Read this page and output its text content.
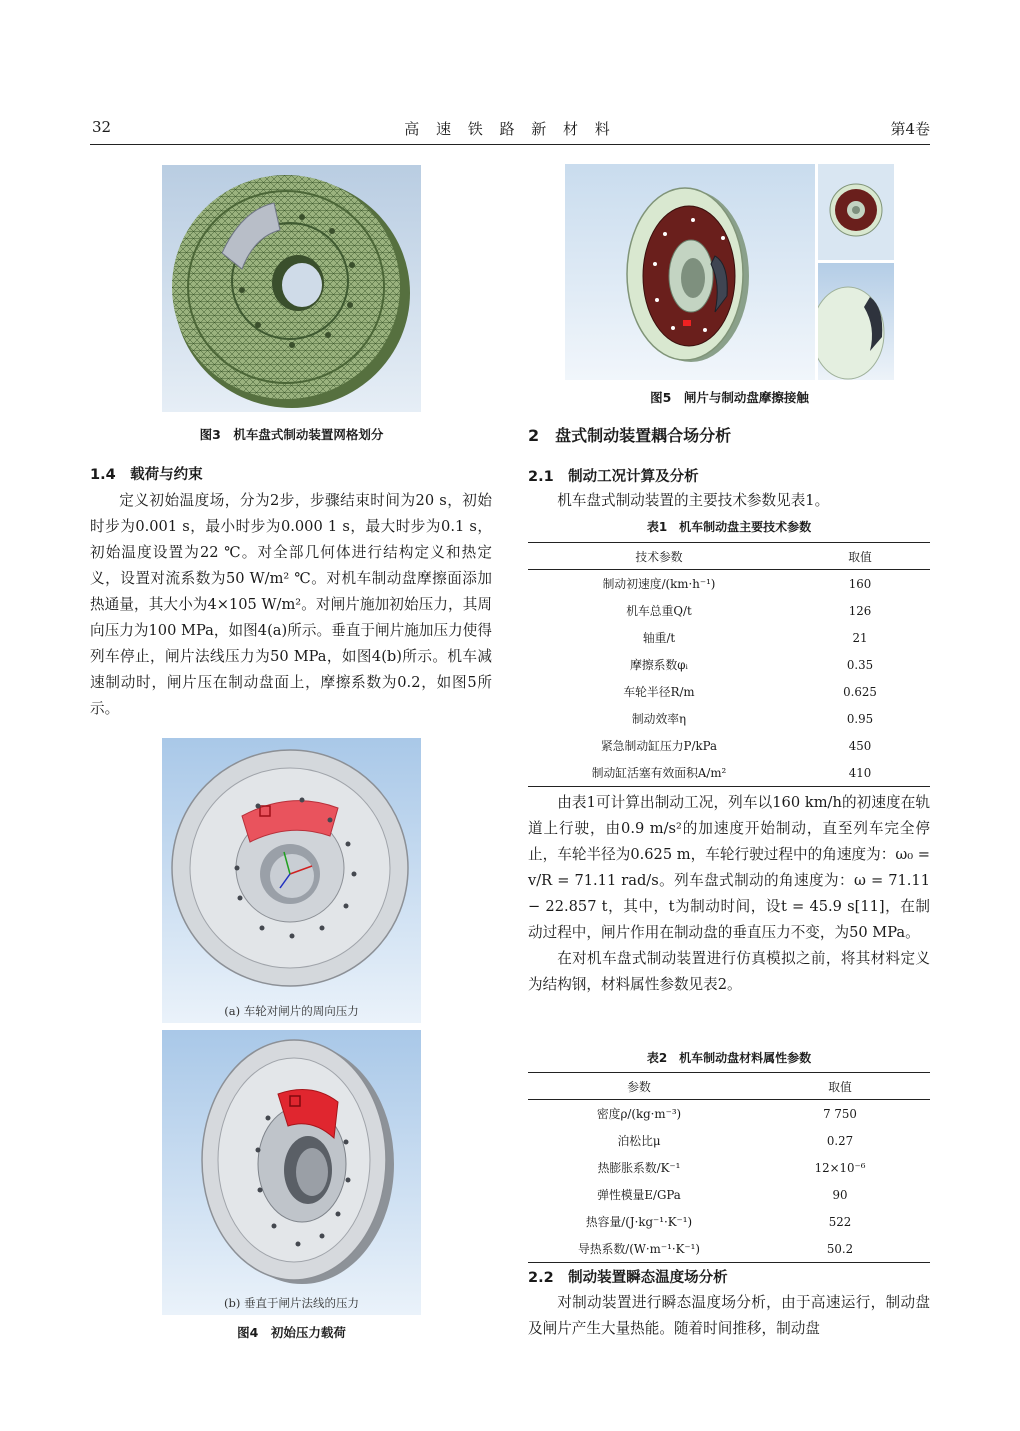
32	高 速 铁 路 新 材 料	第4卷
图3　机车盘式制动装置网格划分
1.4　载荷与约束

定义初始温度场，分为2步，步骤结束时间为20 s，初始时步为0.001 s，最小时步为0.000 1 s，最大时步为0.1 s，初始温度设置为22 ℃。对全部几何体进行结构定义和热定义，设置对流系数为50 W/m² ℃。对机车制动盘摩擦面添加热通量，其大小为4×105 W/m²。对闸片施加初始压力，其周向压力为100 MPa，如图4(a)所示。垂直于闸片施加压力使得列车停止，闸片法线压力为50 MPa，如图4(b)所示。机车减速制动时，闸片压在制动盘面上，摩擦系数为0.2，如图5所示。

(a) 车轮对闸片的周向压力
(b) 垂直于闸片法线的压力
图4　初始压力载荷
图5　闸片与制动盘摩擦接触
2　盘式制动装置耦合场分析
2.1　制动工况计算及分析

机车盘式制动装置的主要技术参数见表1。

表1　机车制动盘主要技术参数
技术参数	取值
制动初速度/(km·h⁻¹)	160
机车总重Q/t	126
轴重/t	21
摩擦系数φᵢ	0.35
车轮半径R/m	0.625
制动效率η	0.95
紧急制动缸压力P/kPa	450
制动缸活塞有效面积A/m²	410

由表1可计算出制动工况，列车以160 km/h的初速度在轨道上行驶，由0.9 m/s²的加速度开始制动，直至列车完全停止，车轮半径为0.625 m，车轮行驶过程中的角速度为：ω₀ = v/R = 71.11 rad/s。列车盘式制动的角速度为：ω = 71.11 − 22.857 t，其中，t为制动时间，设t = 45.9 s[11]，在制动过程中，闸片作用在制动盘的垂直压力不变，为50 MPa。

在对机车盘式制动装置进行仿真模拟之前，将其材料定义为结构钢，材料属性参数见表2。

表2　机车制动盘材料属性参数
参数	取值
密度ρ/(kg·m⁻³)	7 750
泊松比μ	0.27
热膨胀系数/K⁻¹	12×10⁻⁶
弹性模量E/GPa	90
热容量/(J·kg⁻¹·K⁻¹)	522
导热系数/(W·m⁻¹·K⁻¹)	50.2
2.2　制动装置瞬态温度场分析

对制动装置进行瞬态温度场分析，由于高速运行，制动盘及闸片产生大量热能。随着时间推移，制动盘
